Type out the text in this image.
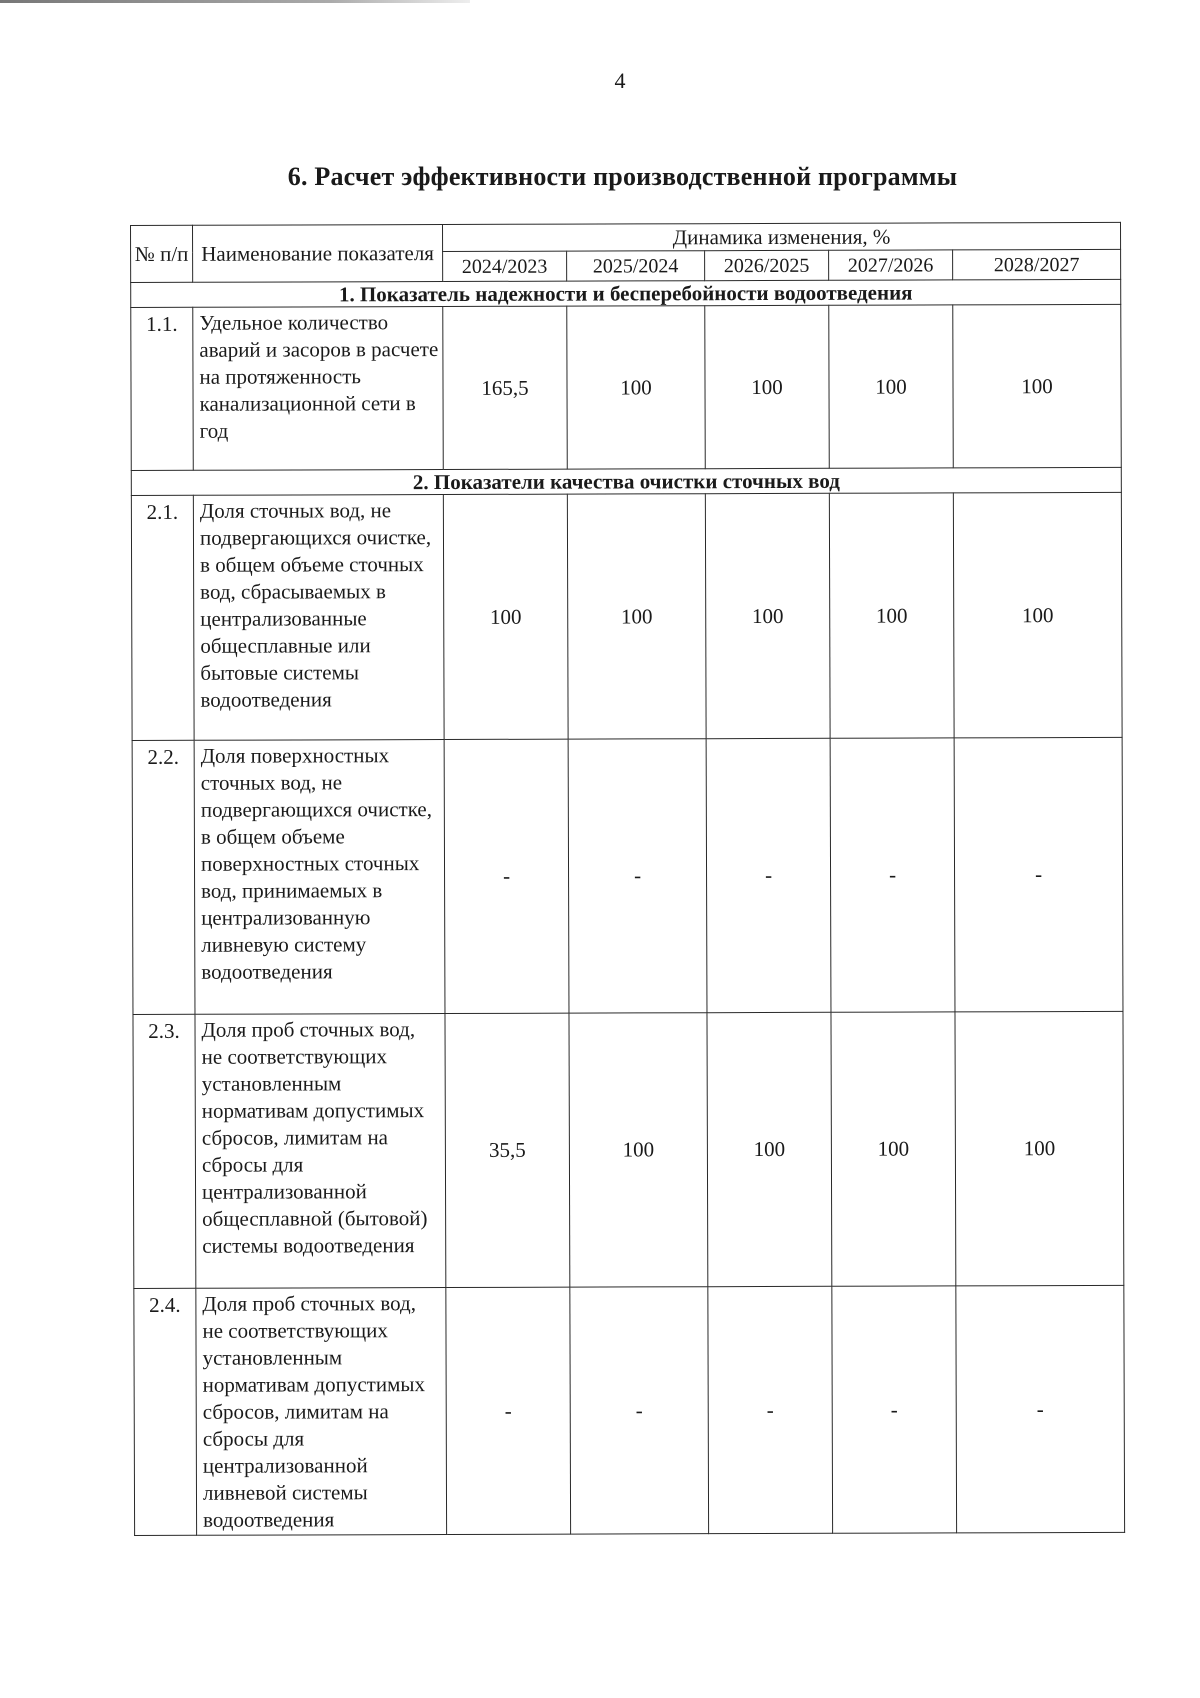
4
6. Расчет эффективности производственной программы
№ п/п	Наименование показателя	Динамика изменения, %				
		2024/2023	2025/2024	2026/2025	2027/2026	2028/2027
1. Показатель надежности и бесперебойности водоотведения						
1.1.	Удельное количество аварий и засоров в расчете на протяженность канализационной сети в год	165,5	100	100	100	100
2. Показатели качества очистки сточных вод						
2.1.	Доля сточных вод, не подвергающихся очистке, в общем объеме сточных вод, сбрасываемых в централизованные общесплавные или бытовые системы водоотведения	100	100	100	100	100
2.2.	Доля поверхностных сточных вод, не подвергающихся очистке, в общем объеме поверхностных сточных вод, принимаемых в централизованную ливневую систему водоотведения	-	-	-	-	-
2.3.	Доля проб сточных вод, не соответствующих установленным нормативам допустимых сбросов, лимитам на сбросы для централизованной общесплавной (бытовой) системы водоотведения	35,5	100	100	100	100
2.4.	Доля проб сточных вод, не соответствующих установленным нормативам допустимых сбросов, лимитам на сбросы для централизованной ливневой системы водоотведения	-	-	-	-	-
